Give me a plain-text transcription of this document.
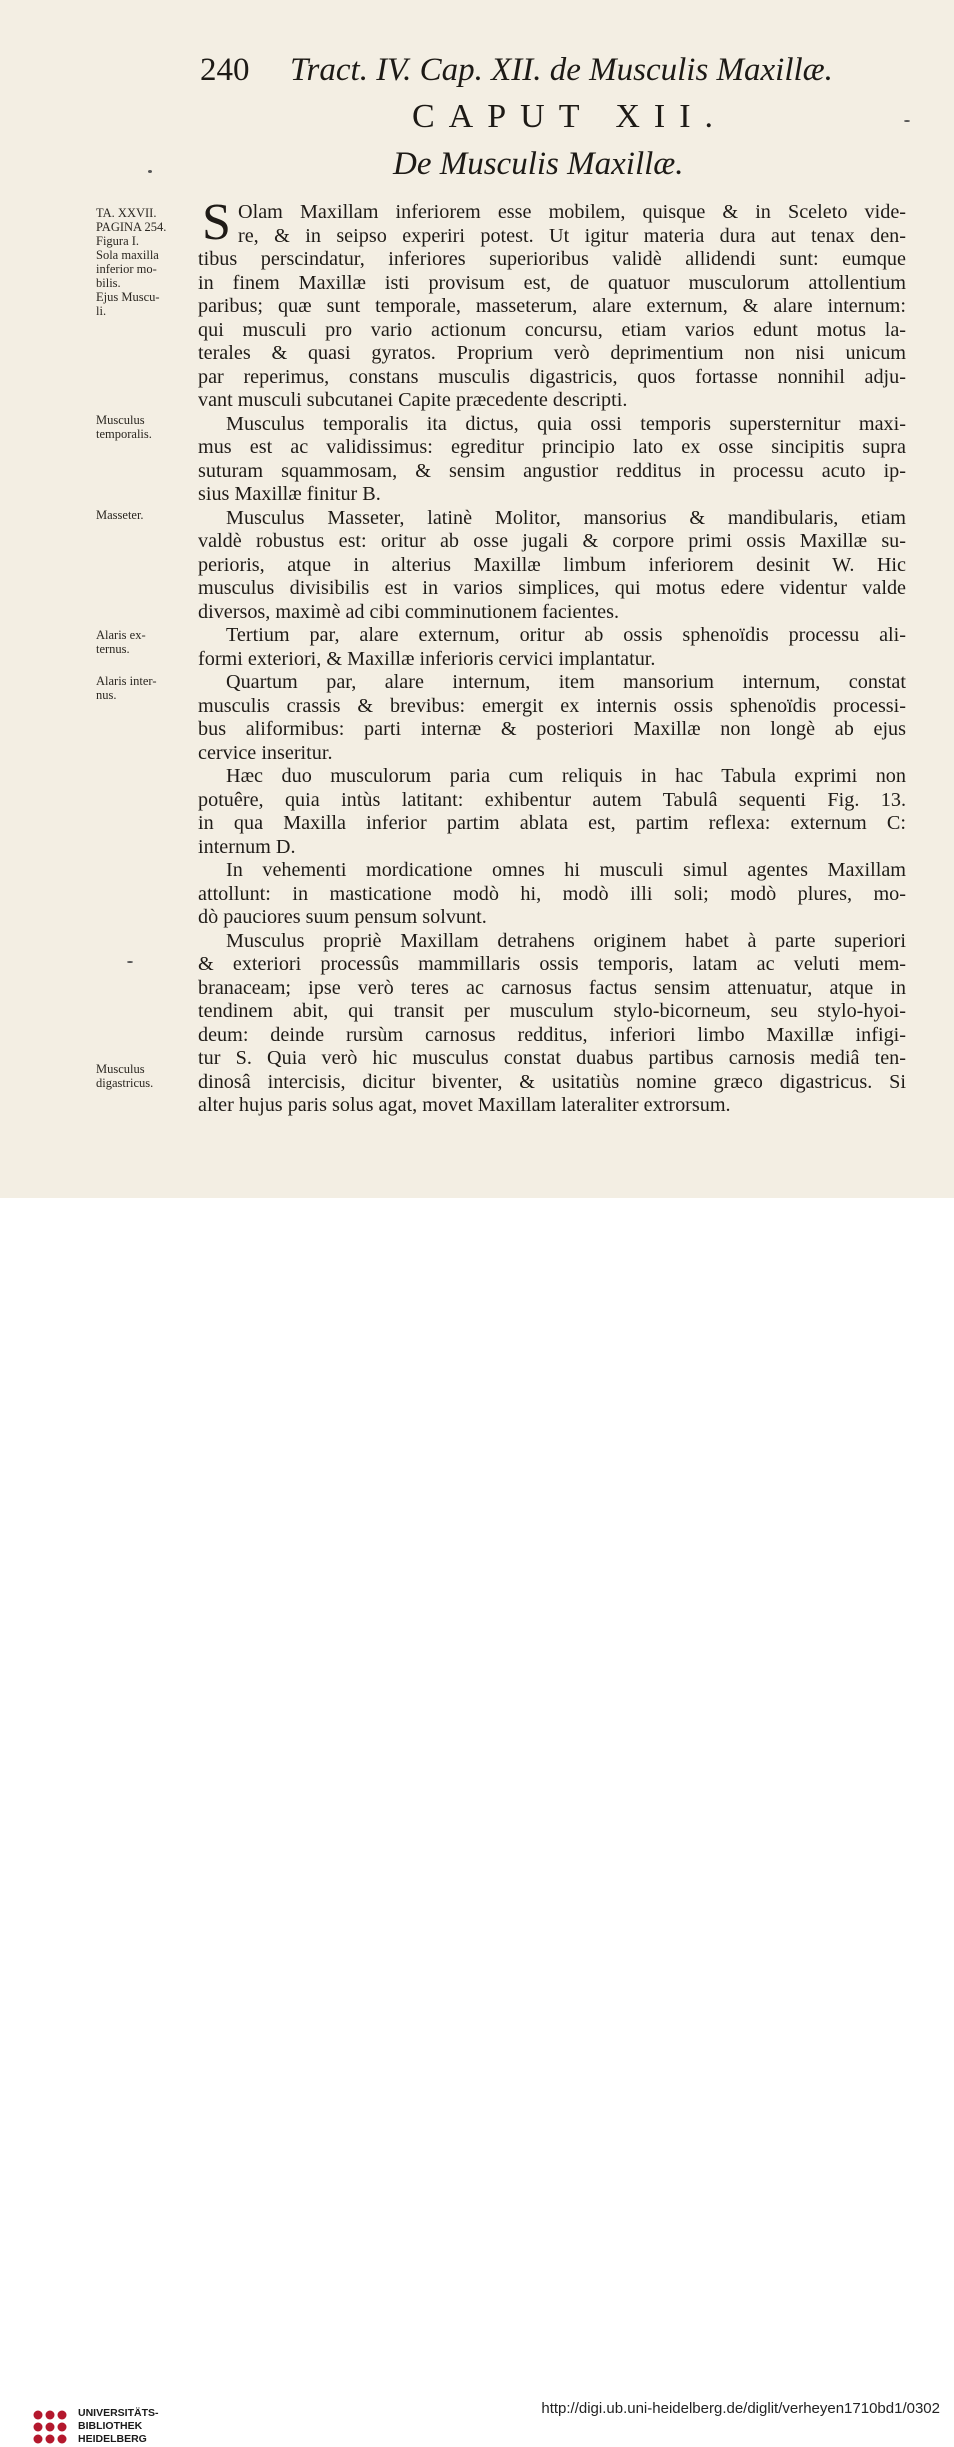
240 Tract. IV. Cap. XII. de Musculis Maxillæ.
CAPUT XII.
De Musculis Maxillæ.
TA. XXVII.
PAGINA 254.
Figura I.
Sola maxilla
inferior mo-
bilis.
Ejus Muscu-
li.
Musculus
temporalis.
Masseter.
Alaris ex-
ternus.
Alaris inter-
nus.
Musculus
digastricus.
S Olam Maxillam inferiorem esse mobilem, quisque & in Sceleto vide-
re, & in seipso experiri potest. Ut igitur materia dura aut tenax den-
tibus perscindatur, inferiores superioribus validè allidendi sunt: eumque
in finem Maxillæ isti provisum est, de quatuor musculorum attollentium
paribus; quæ sunt temporale, masseterum, alare externum, & alare internum:
qui musculi pro vario actionum concursu, etiam varios edunt motus la-
terales & quasi gyratos. Proprium verò deprimentium non nisi unicum
par reperimus, constans musculis digastricis, quos fortasse nonnihil adju-
vant musculi subcutanei Capite præcedente descripti.
Musculus temporalis ita dictus, quia ossi temporis supersternitur maxi-
mus est ac validissimus: egreditur principio lato ex osse sincipitis supra
suturam squammosam, & sensim angustior redditus in processu acuto ip-
sius Maxillæ finitur B.
Musculus Masseter, latinè Molitor, mansorius & mandibularis, etiam
valdè robustus est: oritur ab osse jugali & corpore primi ossis Maxillæ su-
perioris, atque in alterius Maxillæ limbum inferiorem desinit W. Hic
musculus divisibilis est in varios simplices, qui motus edere videntur valde
diversos, maximè ad cibi comminutionem facientes.
Tertium par, alare externum, oritur ab ossis sphenoïdis processu ali-
formi exteriori, & Maxillæ inferioris cervici implantatur.
Quartum par, alare internum, item mansorium internum, constat
musculis crassis & brevibus: emergit ex internis ossis sphenoïdis processi-
bus aliformibus: parti internæ & posteriori Maxillæ non longè ab ejus
cervice inseritur.
Hæc duo musculorum paria cum reliquis in hac Tabula exprimi non
potuêre, quia intùs latitant: exhibentur autem Tabulâ sequenti Fig. 13.
in qua Maxilla inferior partim ablata est, partim reflexa: externum C:
internum D.
In vehementi mordicatione omnes hi musculi simul agentes Maxillam
attollunt: in masticatione modò hi, modò illi soli; modò plures, mo-
dò pauciores suum pensum solvunt.
Musculus propriè Maxillam detrahens originem habet à parte superiori
& exteriori processûs mammillaris ossis temporis, latam ac veluti mem-
branaceam; ipse verò teres ac carnosus factus sensim attenuatur, atque in
tendinem abit, qui transit per musculum stylo-bicorneum, seu stylo-hyoi-
deum: deinde rursùm carnosus redditus, inferiori limbo Maxillæ infigi-
tur S. Quia verò hic musculus constat duabus partibus carnosis mediâ ten-
dinosâ intercisis, dicitur biventer, & usitatiùs nomine græco digastricus. Si
alter hujus paris solus agat, movet Maxillam lateraliter extrorsum.
UNIVERSITÄTS-
BIBLIOTHEK
HEIDELBERG
http://digi.ub.uni-heidelberg.de/diglit/verheyen1710bd1/0302
